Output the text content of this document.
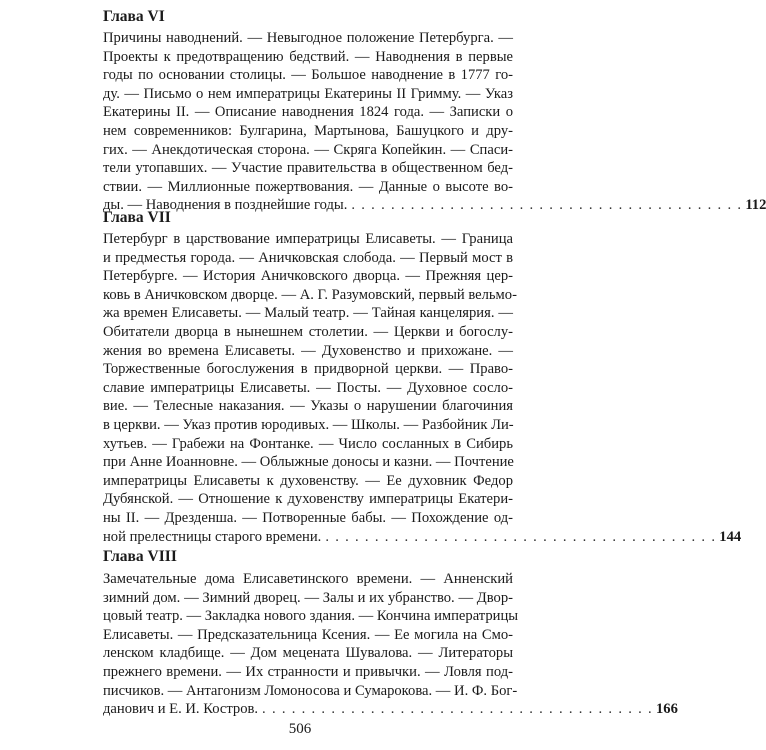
Глава VI
Причины наводнений. — Невыгодное положение Петербурга. —
Проекты к предотвращению бедствий. — Наводнения в первые
годы по основании столицы. — Большое наводнение в 1777 го-
ду. — Письмо о нем императрицы Екатерины II Гримму. — Указ
Екатерины II. — Описание наводнения 1824 года. — Записки о
нем современников: Булгарина, Мартынова, Башуцкого и дру-
гих. — Анекдотическая сторона. — Скряга Копейкин. — Спаси-
тели утопавших. — Участие правительства в общественном бед-
ствии. — Миллионные пожертвования. — Данные о высоте во-
ды. — Наводнения в позднейшие годы. . . . . . . . . . . . . . . . . . . . . . . . . . . . . . . . . . . . . . . . . 112
Глава VII
Петербург в царствование императрицы Елисаветы. — Граница
и предместья города. — Аничковская слобода. — Первый мост в
Петербурге. — История Аничковского дворца. — Прежняя цер-
ковь в Аничковском дворце. — А. Г. Разумовский, первый вельмо-
жа времен Елисаветы. — Малый театр. — Тайная канцелярия. —
Обитатели дворца в нынешнем столетии. — Церкви и богослу-
жения во времена Елисаветы. — Духовенство и прихожане. —
Торжественные богослужения в придворной церкви. — Право-
славие императрицы Елисаветы. — Посты. — Духовное сосло-
вие. — Телесные наказания. — Указы о нарушении благочиния
в церкви. — Указ против юродивых. — Школы. — Разбойник Ли-
хутьев. — Грабежи на Фонтанке. — Число сосланных в Сибирь
при Анне Иоанновне. — Облыжные доносы и казни. — Почтение
императрицы Елисаветы к духовенству. — Ее духовник Федор
Дубянской. — Отношение к духовенству императрицы Екатери-
ны II. — Дрезденша. — Потворенные бабы. — Похождение од-
ной прелестницы старого времени. . . . . . . . . . . . . . . . . . . . . . . . . . . . . . . . . . . . . . . . . 144
Глава VIII
Замечательные дома Елисаветинского времени. — Анненский
зимний дом. — Зимний дворец. — Залы и их убранство. — Двор-
цовый театр. — Закладка нового здания. — Кончина императрицы
Елисаветы. — Предсказательница Ксения. — Ее могила на Смо-
ленском кладбище. — Дом мецената Шувалова. — Литераторы
прежнего времени. — Их странности и привычки. — Ловля под-
писчиков. — Антагонизм Ломоносова и Сумарокова. — И. Ф. Бог-
данович и Е. И. Костров. . . . . . . . . . . . . . . . . . . . . . . . . . . . . . . . . . . . . . . . . 166
506
